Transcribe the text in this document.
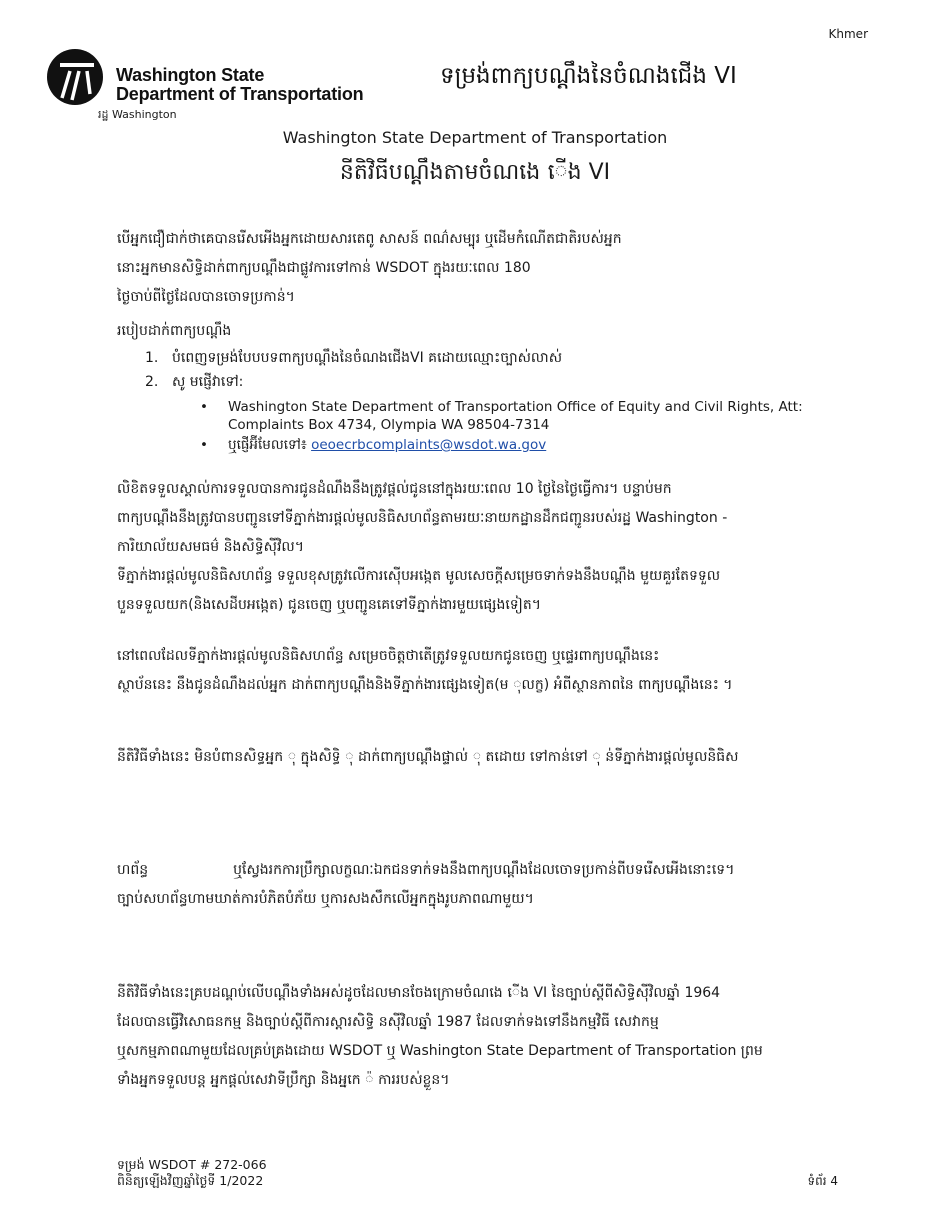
Khmer
Washington State
Department of Transportation
រដ្ឋ Washington
ទម្រង់ពាក្យបណ្ដឹងនៃចំណងជើង VI
Washington State Department of Transportation
នីតិវិធីបណ្ដឹងតាមចំណងេ ើង VI

បើអ្នកជឿជាក់ថាគេបានរើសអើងអ្នកដោយសារតេពូ សាសន៍ ពណ៌សម្បុរ ឬដើមកំណើតជាតិរបស់អ្នក

នោះអ្នកមានសិទ្ធិដាក់ពាក្យបណ្ដឹងជាផ្លូវការទៅកាន់ WSDOT ក្នុងរយៈពេល 180

ថ្ងៃចាប់ពីថ្ងៃដែលបានចោទប្រកាន់។

របៀបដាក់ពាក្យបណ្ដឹង
1. បំពេញទម្រង់បែបបទពាក្យបណ្ដឹងនៃចំណងជើងVI គដោយឈ្មោះច្បាស់លាស់
2. សូ មផ្ញើវាទៅ:
• Washington State Department of Transportation Office of Equity and Civil Rights, Att:
Complaints Box 4734, Olympia WA 98504-7314
• ឬផ្ញើអ៊ីមែលទៅ៖ oeoecrbcomplaints@wsdot.wa.gov

លិខិតទទួលស្គាល់ការទទួលបានការជូនដំណឹងនឹងត្រូវផ្ដល់ជូននៅក្នុងរយៈពេល 10 ថ្ងៃនៃថ្ងៃធ្វើការ។ បន្ទាប់មក

ពាក្យបណ្ដឹងនឹងត្រូវបានបញ្ជូនទៅទីភ្នាក់ងារផ្ដល់មូលនិធិសហព័ន្ធតាមរយៈនាយកដ្ឋានដឹកជញ្ជូនរបស់រដ្ឋ Washington -

ការិយាល័យសមធម៌ និងសិទ្ធិស៊ីវិល។

ទីភ្នាក់ងារផ្ដល់មូលនិធិសហព័ន្ធ ទទួលខុសត្រូវលើការស៊ើបអង្កេត មូលសេចក្ដីសម្រេចទាក់ទងនឹងបណ្ដឹង មួយគួរតែទទួល

បួនទទួលយក(និងសេដីបអង្កេត) ជូនចេញ ឬបញ្ជូនគេទៅទីភ្នាក់ងារមួយផ្សេងទៀត។

នៅពេលដែលទីភ្នាក់ងារផ្ដល់មូលនិធិសហព័ន្ធ សម្រេចចិត្តថាតើត្រូវទទួលយកជូនចេញ ឬផ្ទេរពាក្យបណ្ដឹងនេះ

ស្ថាប័ននេះ នឹងជូនដំណឹងដល់អ្នក ដាក់ពាក្យបណ្ដឹងនិងទីភ្នាក់ងារផ្សេងទៀត(ម ុលក្ខ) អំពីស្ថានភាពនៃ ពាក្យបណ្ដឹងនេះ ។

នីតិវិធីទាំងនេះ មិនបំពានសិទ្ធអ្នក ុ ក្នុងសិទ្ធិ ុ ដាក់ពាក្យបណ្ដឹងផ្ទាល់ ុ តដោយ ទៅកាន់ទៅ ុ ន់ទីភ្នាក់ងារផ្ដល់មូលនិធិស

ហព័ន្ធ	ឬស្វែងរកការប្រឹក្សាលក្ខណៈឯកជនទាក់ទងនឹងពាក្យបណ្ដឹងដែលចោទប្រកាន់ពីបទរើសអើងនោះទេ។

ច្បាប់សហព័ន្ធហាមឃាត់ការបំភិតបំភ័យ ឬការសងសឹកលើអ្នកក្នុងរូបភាពណាមួយ។

នីតិវិធីទាំងនេះគ្របដណ្ដប់លើបណ្ដឹងទាំងអស់ដូចដែលមានចែងក្រោមចំណងេ ើង VI នៃច្បាប់ស្ដីពីសិទ្ធិស៊ីវិលឆ្នាំ 1964

ដែលបានធ្វើវិសោធនកម្ម និងច្បាប់ស្ដីពីការស្ដារសិទ្ធិ នស៊ីវិលឆ្នាំ 1987 ដែលទាក់ទងទៅនឹងកម្មវិធី សេវាកម្ម

ឬសកម្មភាពណាមួយដែលគ្រប់គ្រងដោយ WSDOT ឬ Washington State Department of Transportation ព្រម

ទាំងអ្នកទទួលបន្ត អ្នកផ្ដល់សេវាទីប្រឹក្សា និងអ្នកេ ៉ ការរបស់ខ្លួន។

ទម្រង់ WSDOT # 272-066
ពិនិត្យឡើងវិញឆ្នាំថ្ងៃទី 1/2022	ទំព័រ 4
